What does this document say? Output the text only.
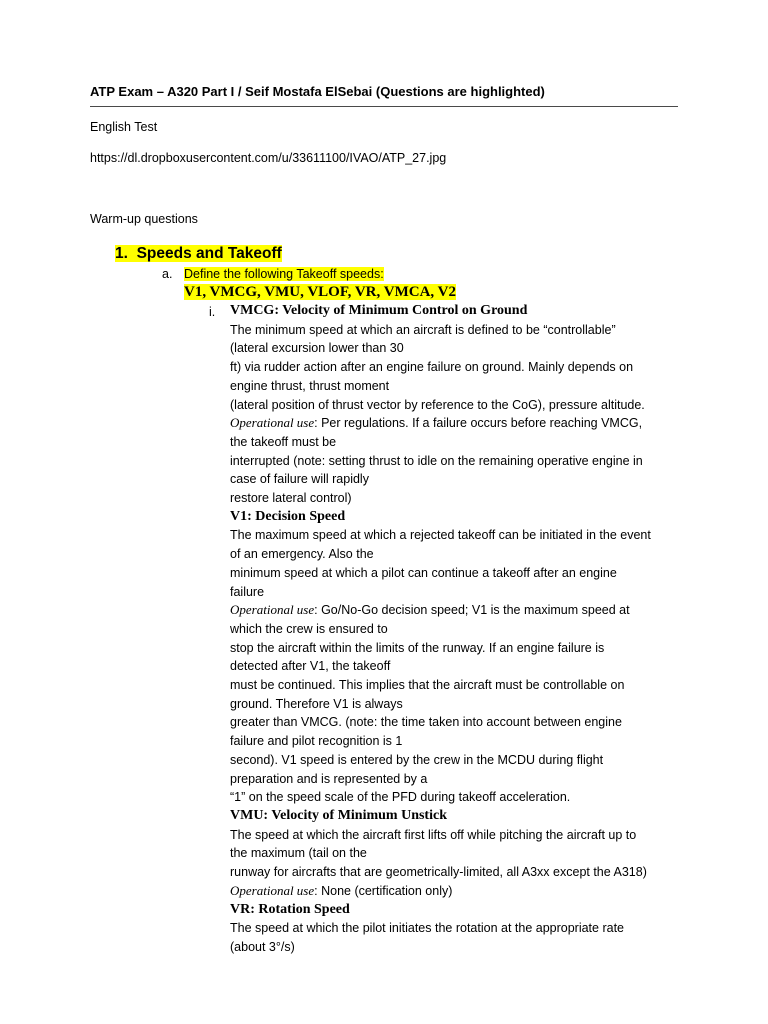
ATP Exam – A320 Part I / Seif Mostafa ElSebai (Questions are highlighted)
English Test
https://dl.dropboxusercontent.com/u/33611100/IVAO/ATP_27.jpg
Warm-up questions
1. Speeds and Takeoff
a. Define the following Takeoff speeds:
V1, VMCG, VMU, VLOF, VR, VMCA, V2
i. VMCG: Velocity of Minimum Control on Ground

The minimum speed at which an aircraft is defined to be “controllable”

(lateral excursion lower than 30

ft) via rudder action after an engine failure on ground. Mainly depends on

engine thrust, thrust moment

(lateral position of thrust vector by reference to the CoG), pressure altitude.

Operational use: Per regulations. If a failure occurs before reaching VMCG,

the takeoff must be

interrupted (note: setting thrust to idle on the remaining operative engine in

case of failure will rapidly

restore lateral control)

V1: Decision Speed

The maximum speed at which a rejected takeoff can be initiated in the event

of an emergency. Also the

minimum speed at which a pilot can continue a takeoff after an engine

failure

Operational use: Go/No-Go decision speed; V1 is the maximum speed at

which the crew is ensured to

stop the aircraft within the limits of the runway. If an engine failure is

detected after V1, the takeoff

must be continued. This implies that the aircraft must be controllable on

ground. Therefore V1 is always

greater than VMCG. (note: the time taken into account between engine

failure and pilot recognition is 1

second). V1 speed is entered by the crew in the MCDU during flight

preparation and is represented by a

“1” on the speed scale of the PFD during takeoff acceleration.

VMU: Velocity of Minimum Unstick

The speed at which the aircraft first lifts off while pitching the aircraft up to

the maximum (tail on the

runway for aircrafts that are geometrically-limited, all A3xx except the A318)

Operational use: None (certification only)

VR: Rotation Speed

The speed at which the pilot initiates the rotation at the appropriate rate

(about 3°/s)
